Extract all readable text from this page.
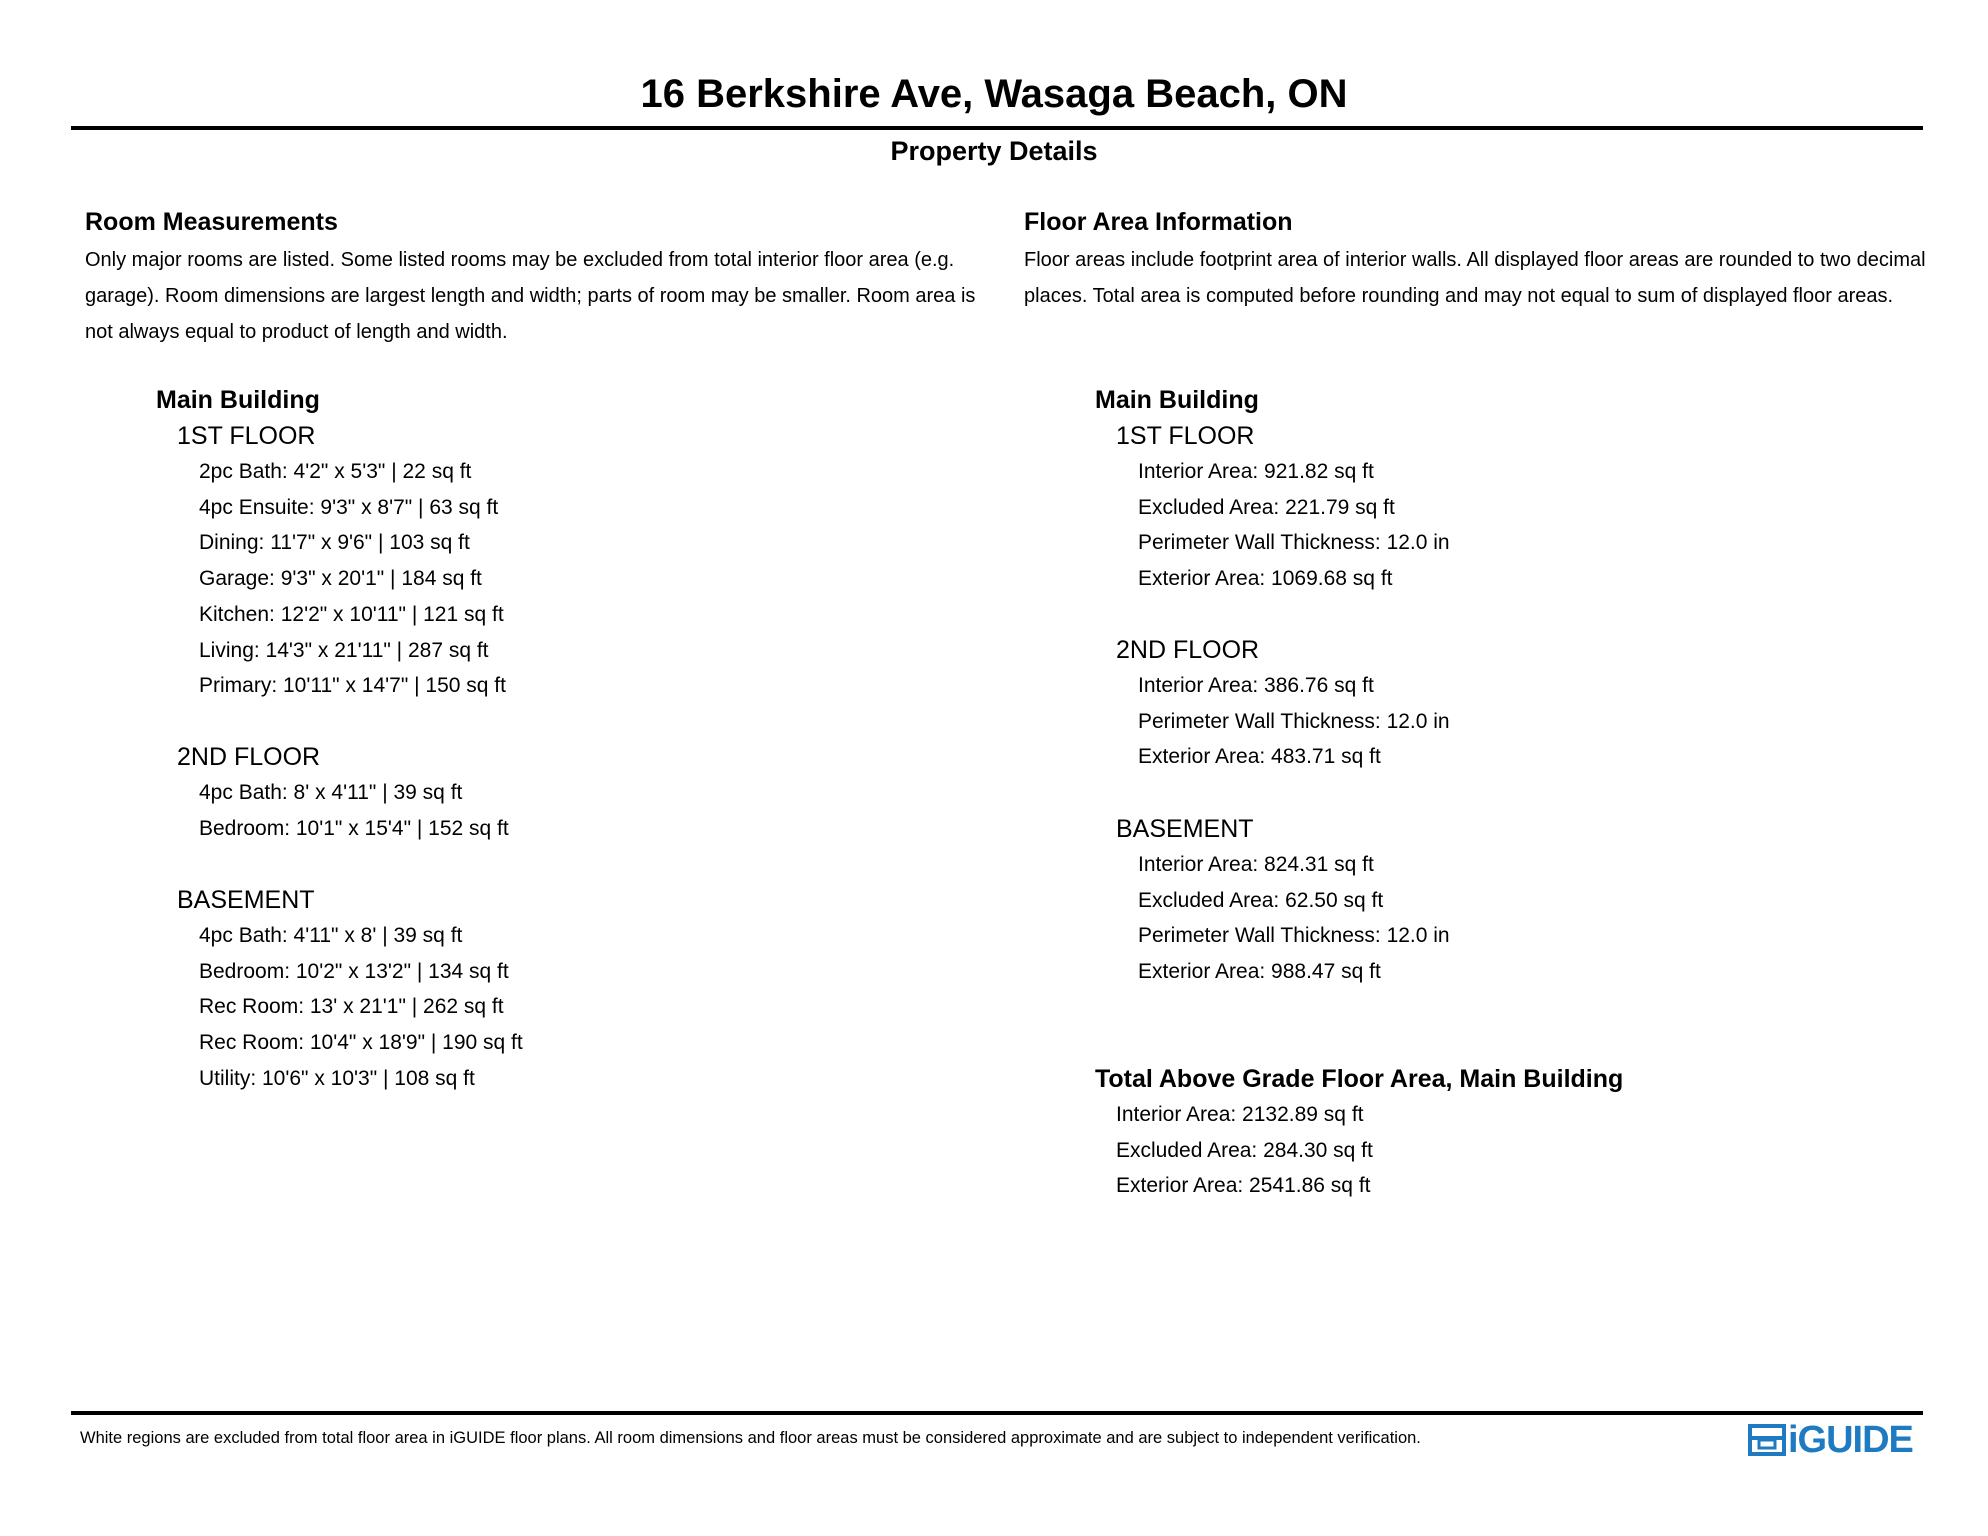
16 Berkshire Ave, Wasaga Beach, ON
Property Details
Room Measurements
Only major rooms are listed. Some listed rooms may be excluded from total interior floor area (e.g. garage). Room dimensions are largest length and width; parts of room may be smaller. Room area is not always equal to product of length and width.
Main Building
1ST FLOOR
2pc Bath: 4'2" x 5'3" | 22 sq ft
4pc Ensuite: 9'3" x 8'7" | 63 sq ft
Dining: 11'7" x 9'6" | 103 sq ft
Garage: 9'3" x 20'1" | 184 sq ft
Kitchen: 12'2" x 10'11" | 121 sq ft
Living: 14'3" x 21'11" | 287 sq ft
Primary: 10'11" x 14'7" | 150 sq ft
2ND FLOOR
4pc Bath: 8' x 4'11" | 39 sq ft
Bedroom: 10'1" x 15'4" | 152 sq ft
BASEMENT
4pc Bath: 4'11" x 8' | 39 sq ft
Bedroom: 10'2" x 13'2" | 134 sq ft
Rec Room: 13' x 21'1" | 262 sq ft
Rec Room: 10'4" x 18'9" | 190 sq ft
Utility: 10'6" x 10'3" | 108 sq ft
Floor Area Information
Floor areas include footprint area of interior walls. All displayed floor areas are rounded to two decimal places. Total area is computed before rounding and may not equal to sum of displayed floor areas.
Main Building
1ST FLOOR
Interior Area: 921.82 sq ft
Excluded Area: 221.79 sq ft
Perimeter Wall Thickness: 12.0 in
Exterior Area: 1069.68 sq ft
2ND FLOOR
Interior Area: 386.76 sq ft
Perimeter Wall Thickness: 12.0 in
Exterior Area: 483.71 sq ft
BASEMENT
Interior Area: 824.31 sq ft
Excluded Area: 62.50 sq ft
Perimeter Wall Thickness: 12.0 in
Exterior Area: 988.47 sq ft
Total Above Grade Floor Area, Main Building
Interior Area: 2132.89 sq ft
Excluded Area: 284.30 sq ft
Exterior Area: 2541.86 sq ft
White regions are excluded from total floor area in iGUIDE floor plans. All room dimensions and floor areas must be considered approximate and are subject to independent verification.	iGUIDE
